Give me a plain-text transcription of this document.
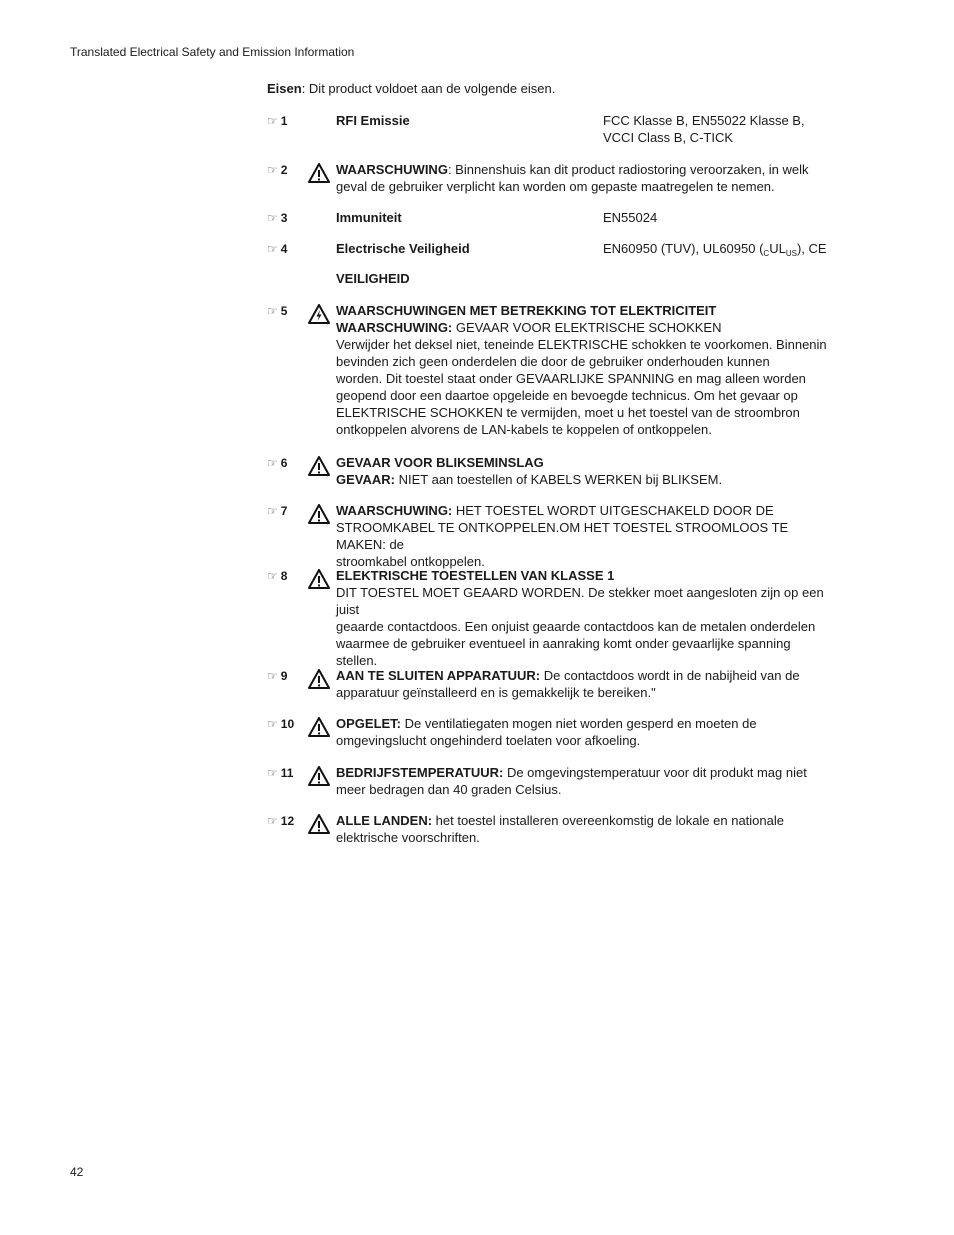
Translated Electrical Safety and Emission Information
Eisen: Dit product voldoet aan de volgende eisen.
☞ 1	RFI Emissie	FCC Klasse B, EN55022 Klasse B,
VCCI Class B, C-TICK
☞ 2	WAARSCHUWING: Binnenshuis kan dit product radiostoring veroorzaken, in welk
geval de gebruiker verplicht kan worden om gepaste maatregelen te nemen.
☞ 3	Immuniteit	EN55024
☞ 4	Electrische Veiligheid	EN60950 (TUV), UL60950 $(_CUL_{US})$, CE
VEILIGHEID
☞ 5	WAARSCHUWINGEN MET BETREKKING TOT ELEKTRICITEIT
WAARSCHUWING: GEVAAR VOOR ELEKTRISCHE SCHOKKEN
Verwijder het deksel niet, teneinde ELEKTRISCHE schokken te voorkomen. Binnenin
bevinden zich geen onderdelen die door de gebruiker onderhouden kunnen
worden. Dit toestel staat onder GEVAARLIJKE SPANNING en mag alleen worden
geopend door een daartoe opgeleide en bevoegde technicus. Om het gevaar op
ELEKTRISCHE SCHOKKEN te vermijden, moet u het toestel van de stroombron
ontkoppelen alvorens de LAN-kabels te koppelen of ontkoppelen.
☞ 6	GEVAAR VOOR BLIKSEMINSLAG
GEVAAR: NIET aan toestellen of KABELS WERKEN bij BLIKSEM.
☞ 7	WAARSCHUWING: HET TOESTEL WORDT UITGESCHAKELD DOOR DE
STROOMKABEL TE ONTKOPPELEN.OM HET TOESTEL STROOMLOOS TE MAKEN: de
stroomkabel ontkoppelen.
☞ 8	ELEKTRISCHE TOESTELLEN VAN KLASSE 1
DIT TOESTEL MOET GEAARD WORDEN. De stekker moet aangesloten zijn op een juist
geaarde contactdoos. Een onjuist geaarde contactdoos kan de metalen onderdelen
waarmee de gebruiker eventueel in aanraking komt onder gevaarlijke spanning
stellen.
☞ 9	AAN TE SLUITEN APPARATUUR: De contactdoos wordt in de nabijheid van de
apparatuur geïnstalleerd en is gemakkelijk te bereiken."
☞ 10	OPGELET: De ventilatiegaten mogen niet worden gesperd en moeten de
omgevingslucht ongehinderd toelaten voor afkoeling.
☞ 11	BEDRIJFSTEMPERATUUR: De omgevingstemperatuur voor dit produkt mag niet
meer bedragen dan 40 graden Celsius.
☞ 12	ALLE LANDEN: het toestel installeren overeenkomstig de lokale en nationale
elektrische voorschriften.
42
